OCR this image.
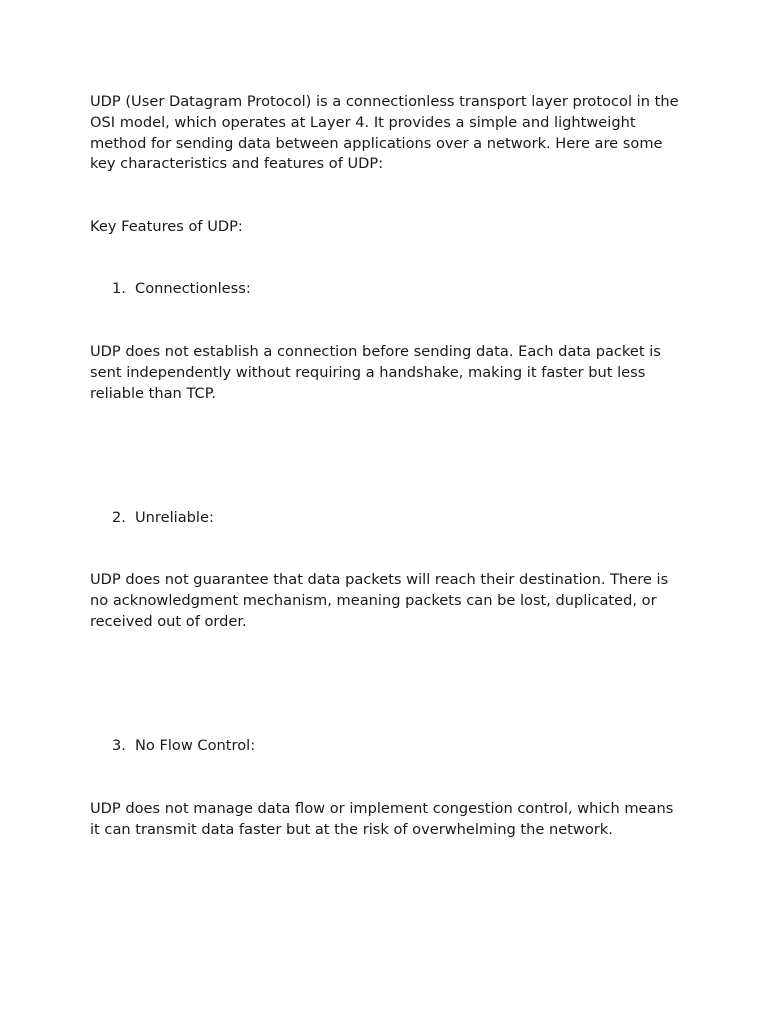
UDP (User Datagram Protocol) is a connectionless transport layer protocol in the OSI model, which operates at Layer 4. It provides a simple and lightweight method for sending data between applications over a network. Here are some key characteristics and features of UDP:

Key Features of UDP:

1. Connectionless:

UDP does not establish a connection before sending data. Each data packet is sent independently without requiring a handshake, making it faster but less reliable than TCP.

2. Unreliable:

UDP does not guarantee that data packets will reach their destination. There is no acknowledgment mechanism, meaning packets can be lost, duplicated, or received out of order.

3. No Flow Control:

UDP does not manage data flow or implement congestion control, which means it can transmit data faster but at the risk of overwhelming the network.
